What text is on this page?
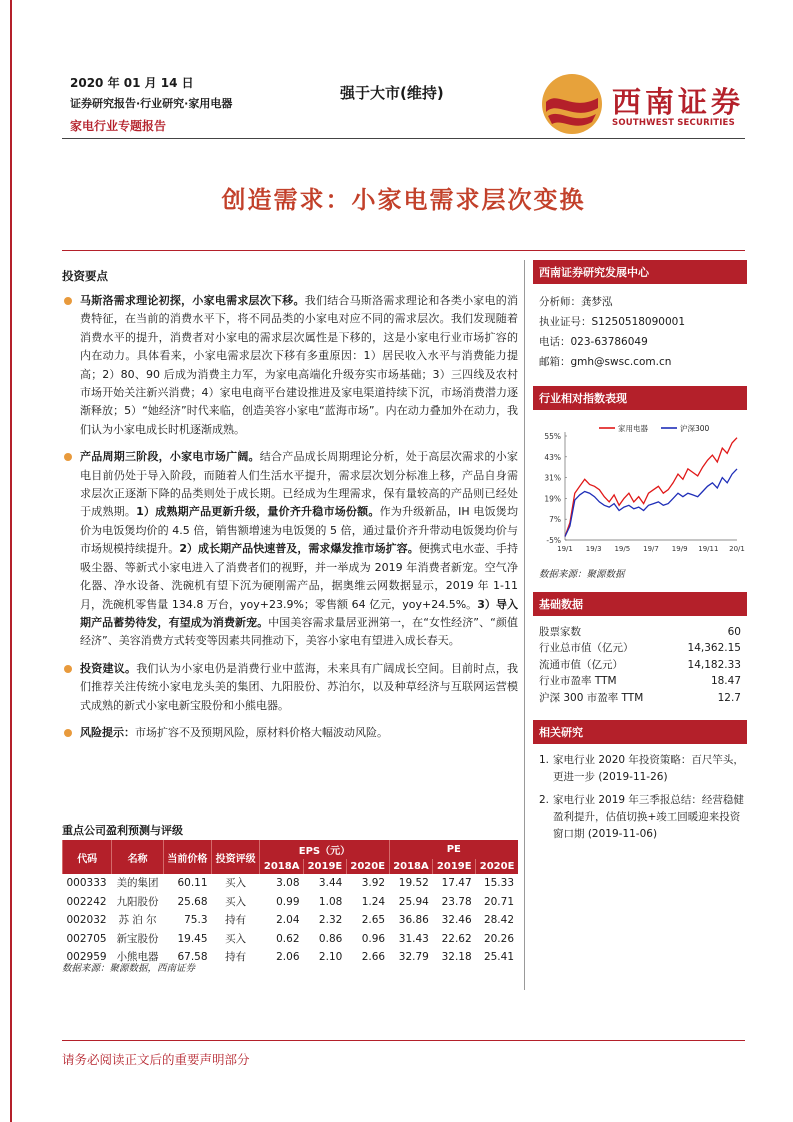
2020 年 01 月 14 日
证券研究报告·行业研究·家用电器
家电行业专题报告
强于大市(维持)	西南证券
SOUTHWEST SECURITIES
创造需求：小家电需求层次变换
投资要点
马斯洛需求理论初探，小家电需求层次下移。我们结合马斯洛需求理论和各类小家电的消费特征，在当前的消费水平下，将不同品类的小家电对应不同的需求层次。我们发现随着消费水平的提升，消费者对小家电的需求层次属性是下移的，这是小家电行业市场扩容的内在动力。具体看来，小家电需求层次下移有多重原因：1）居民收入水平与消费能力提高；2）80、90 后成为消费主力军，为家电高端化升级夯实市场基础；3）三四线及农村市场开始关注新兴消费；4）家电电商平台建设推进及家电渠道持续下沉，市场消费潜力逐渐释放；5）“她经济”时代来临，创造美容小家电“蓝海市场”。内在动力叠加外在动力，我们认为小家电成长时机逐渐成熟。
产品周期三阶段，小家电市场广阔。结合产品成长周期理论分析，处于高层次需求的小家电目前仍处于导入阶段，而随着人们生活水平提升，需求层次划分标准上移，产品自身需求层次正逐渐下降的品类则处于成长期。已经成为生理需求，保有量较高的产品则已经处于成熟期。1）成熟期产品更新升级，量价齐升稳市场份额。作为升级新品，IH 电饭煲均价为电饭煲均价的 4.5 倍，销售额增速为电饭煲的 5 倍，通过量价齐升带动电饭煲均价与市场规模持续提升。2）成长期产品快速普及，需求爆发推市场扩容。便携式电水壶、手持吸尘器、等新式小家电进入了消费者们的视野，并一举成为 2019 年消费者新宠。空气净化器、净水设备、洗碗机有望下沉为硬刚需产品，据奥维云网数据显示，2019 年 1-11 月，洗碗机零售量 134.8 万台，yoy+23.9%；零售额 64 亿元，yoy+24.5%。3）导入期产品蓄势待发，有望成为消费新宠。中国美容需求量居亚洲第一，在“女性经济”、“颜值经济”、美容消费方式转变等因素共同推动下，美容小家电有望进入成长春天。
投资建议。我们认为小家电仍是消费行业中蓝海，未来具有广阔成长空间。目前时点，我们推荐关注传统小家电龙头美的集团、九阳股份、苏泊尔，以及种草经济与互联网运营模式成熟的新式小家电新宝股份和小熊电器。
风险提示：市场扩容不及预期风险，原材料价格大幅波动风险。
西南证券研究发展中心
分析师：龚梦泓
执业证号：S1250518090001
电话：023-63786049
邮箱：gmh@swsc.com.cn
行业相对指数表现
55%
43%
31%
19%
7%
-5%
19/1 19/3 19/5 19/7 19/9 19/11 20/1
家用电器	沪深300
数据来源：聚源数据
基础数据
股票家数	60
行业总市值（亿元）	14,362.15
流通市值（亿元）	14,182.33
行业市盈率 TTM	18.47
沪深 300 市盈率 TTM	12.7
相关研究
1. 家电行业 2020 年投资策略：百尺竿头，更进一步 (2019-11-26)
2. 家电行业 2019 年三季报总结：经营稳健盈利提升，估值切换+竣工回暖迎来投资窗口期 (2019-11-06)
重点公司盈利预测与评级
代码	名称	当前价格	投资评级	EPS（元）			PE		
				2018A	2019E	2020E	2018A	2019E	2020E
000333	美的集团	60.11	买入	3.08	3.44	3.92	19.52	17.47	15.33
002242	九阳股份	25.68	买入	0.99	1.08	1.24	25.94	23.78	20.71
002032	苏 泊 尔	75.3	持有	2.04	2.32	2.65	36.86	32.46	28.42
002705	新宝股份	19.45	买入	0.62	0.86	0.96	31.43	22.62	20.26
002959	小熊电器	67.58	持有	2.06	2.10	2.66	32.79	32.18	25.41
数据来源：聚源数据，西南证券
请务必阅读正文后的重要声明部分
